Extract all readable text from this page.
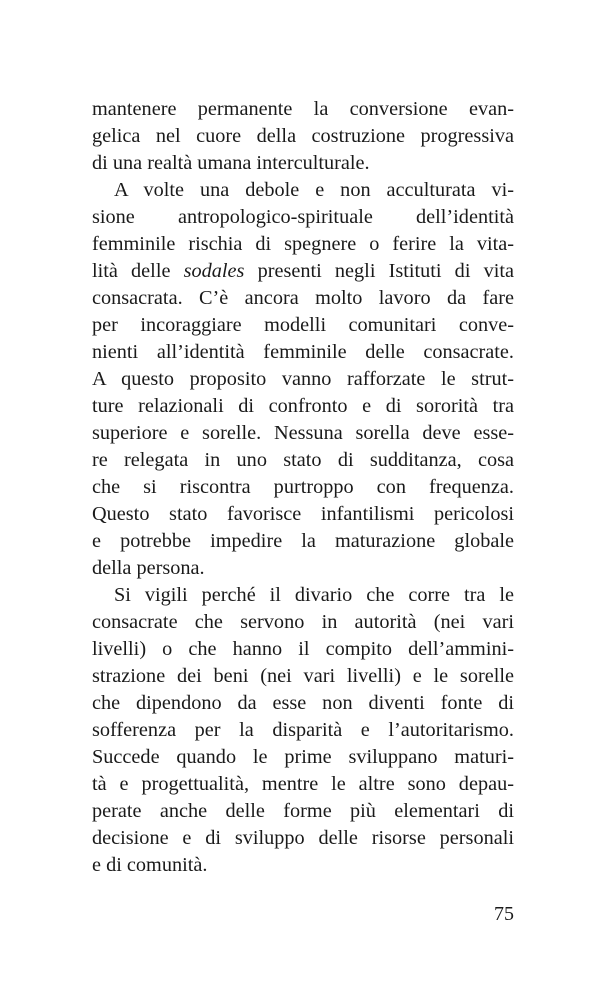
mantenere permanente la conversione evan-
gelica nel cuore della costruzione progressiva
di una realtà umana interculturale.
A volte una debole e non acculturata vi-
sione antropologico-spirituale dell’identità
femminile rischia di spegnere o ferire la vita-
lità delle sodales presenti negli Istituti di vita
consacrata. C’è ancora molto lavoro da fare
per incoraggiare modelli comunitari conve-
nienti all’identità femminile delle consacrate.
A questo proposito vanno rafforzate le strut-
ture relazionali di confronto e di sororità tra
superiore e sorelle. Nessuna sorella deve esse-
re relegata in uno stato di sudditanza, cosa
che si riscontra purtroppo con frequenza.
Questo stato favorisce infantilismi pericolosi
e potrebbe impedire la maturazione globale
della persona.
Si vigili perché il divario che corre tra le
consacrate che servono in autorità (nei vari
livelli) o che hanno il compito dell’ammini-
strazione dei beni (nei vari livelli) e le sorelle
che dipendono da esse non diventi fonte di
sofferenza per la disparità e l’autoritarismo.
Succede quando le prime sviluppano maturi-
tà e progettualità, mentre le altre sono depau-
perate anche delle forme più elementari di
decisione e di sviluppo delle risorse personali
e di comunità.
75
